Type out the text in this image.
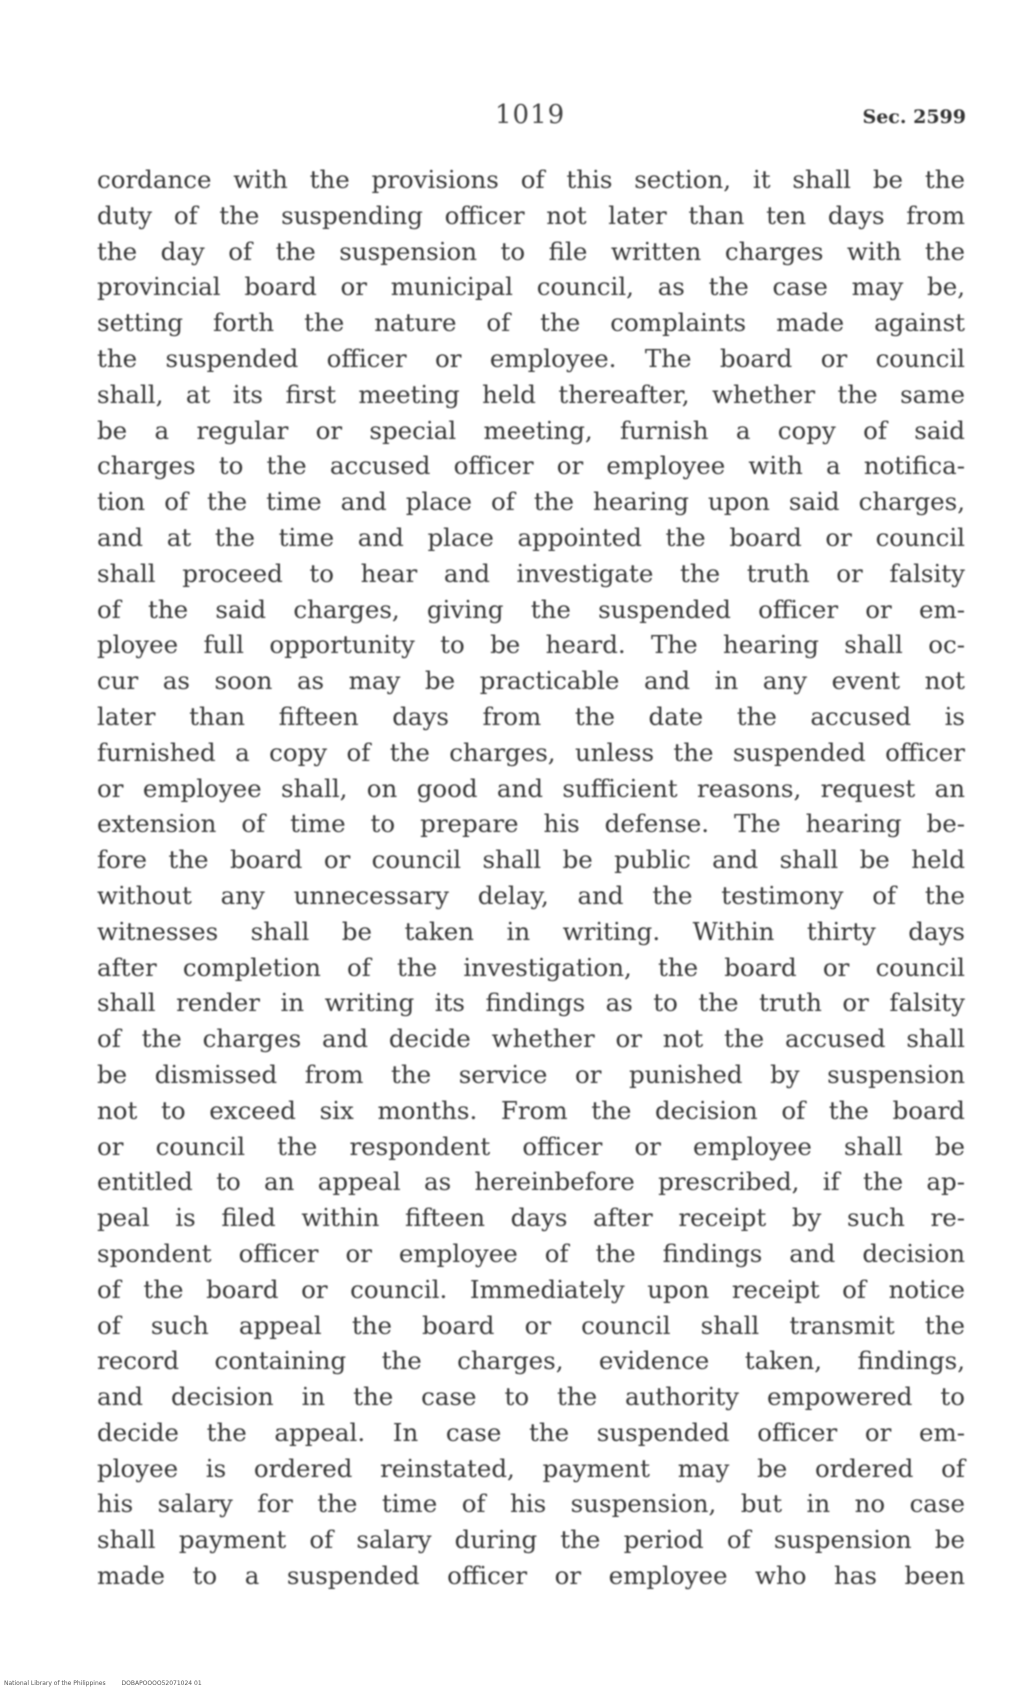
1019	Sec. 2599
cordance with the provisions of this section, it shall be the
duty of the suspending officer not later than ten days from
the day of the suspension to file written charges with the
provincial board or municipal council, as the case may be,
setting forth the nature of the complaints made against
the suspended officer or employee. The board or council
shall, at its first meeting held thereafter, whether the same
be a regular or special meeting, furnish a copy of said
charges to the accused officer or employee with a notifica-
tion of the time and place of the hearing upon said charges,
and at the time and place appointed the board or council
shall proceed to hear and investigate the truth or falsity
of the said charges, giving the suspended officer or em-
ployee full opportunity to be heard. The hearing shall oc-
cur as soon as may be practicable and in any event not
later than fifteen days from the date the accused is
furnished a copy of the charges, unless the suspended officer
or employee shall, on good and sufficient reasons, request an
extension of time to prepare his defense. The hearing be-
fore the board or council shall be public and shall be held
without any unnecessary delay, and the testimony of the
witnesses shall be taken in writing. Within thirty days
after completion of the investigation, the board or council
shall render in writing its findings as to the truth or falsity
of the charges and decide whether or not the accused shall
be dismissed from the service or punished by suspension
not to exceed six months. From the decision of the board
or council the respondent officer or employee shall be
entitled to an appeal as hereinbefore prescribed, if the ap-
peal is filed within fifteen days after receipt by such re-
spondent officer or employee of the findings and decision
of the board or council. Immediately upon receipt of notice
of such appeal the board or council shall transmit the
record containing the charges, evidence taken, findings,
and decision in the case to the authority empowered to
decide the appeal. In case the suspended officer or em-
ployee is ordered reinstated, payment may be ordered of
his salary for the time of his suspension, but in no case
shall payment of salary during the period of suspension be
made to a suspended officer or employee who has been
National Library of the Philippines	DOBAPOOOO52071024 01
